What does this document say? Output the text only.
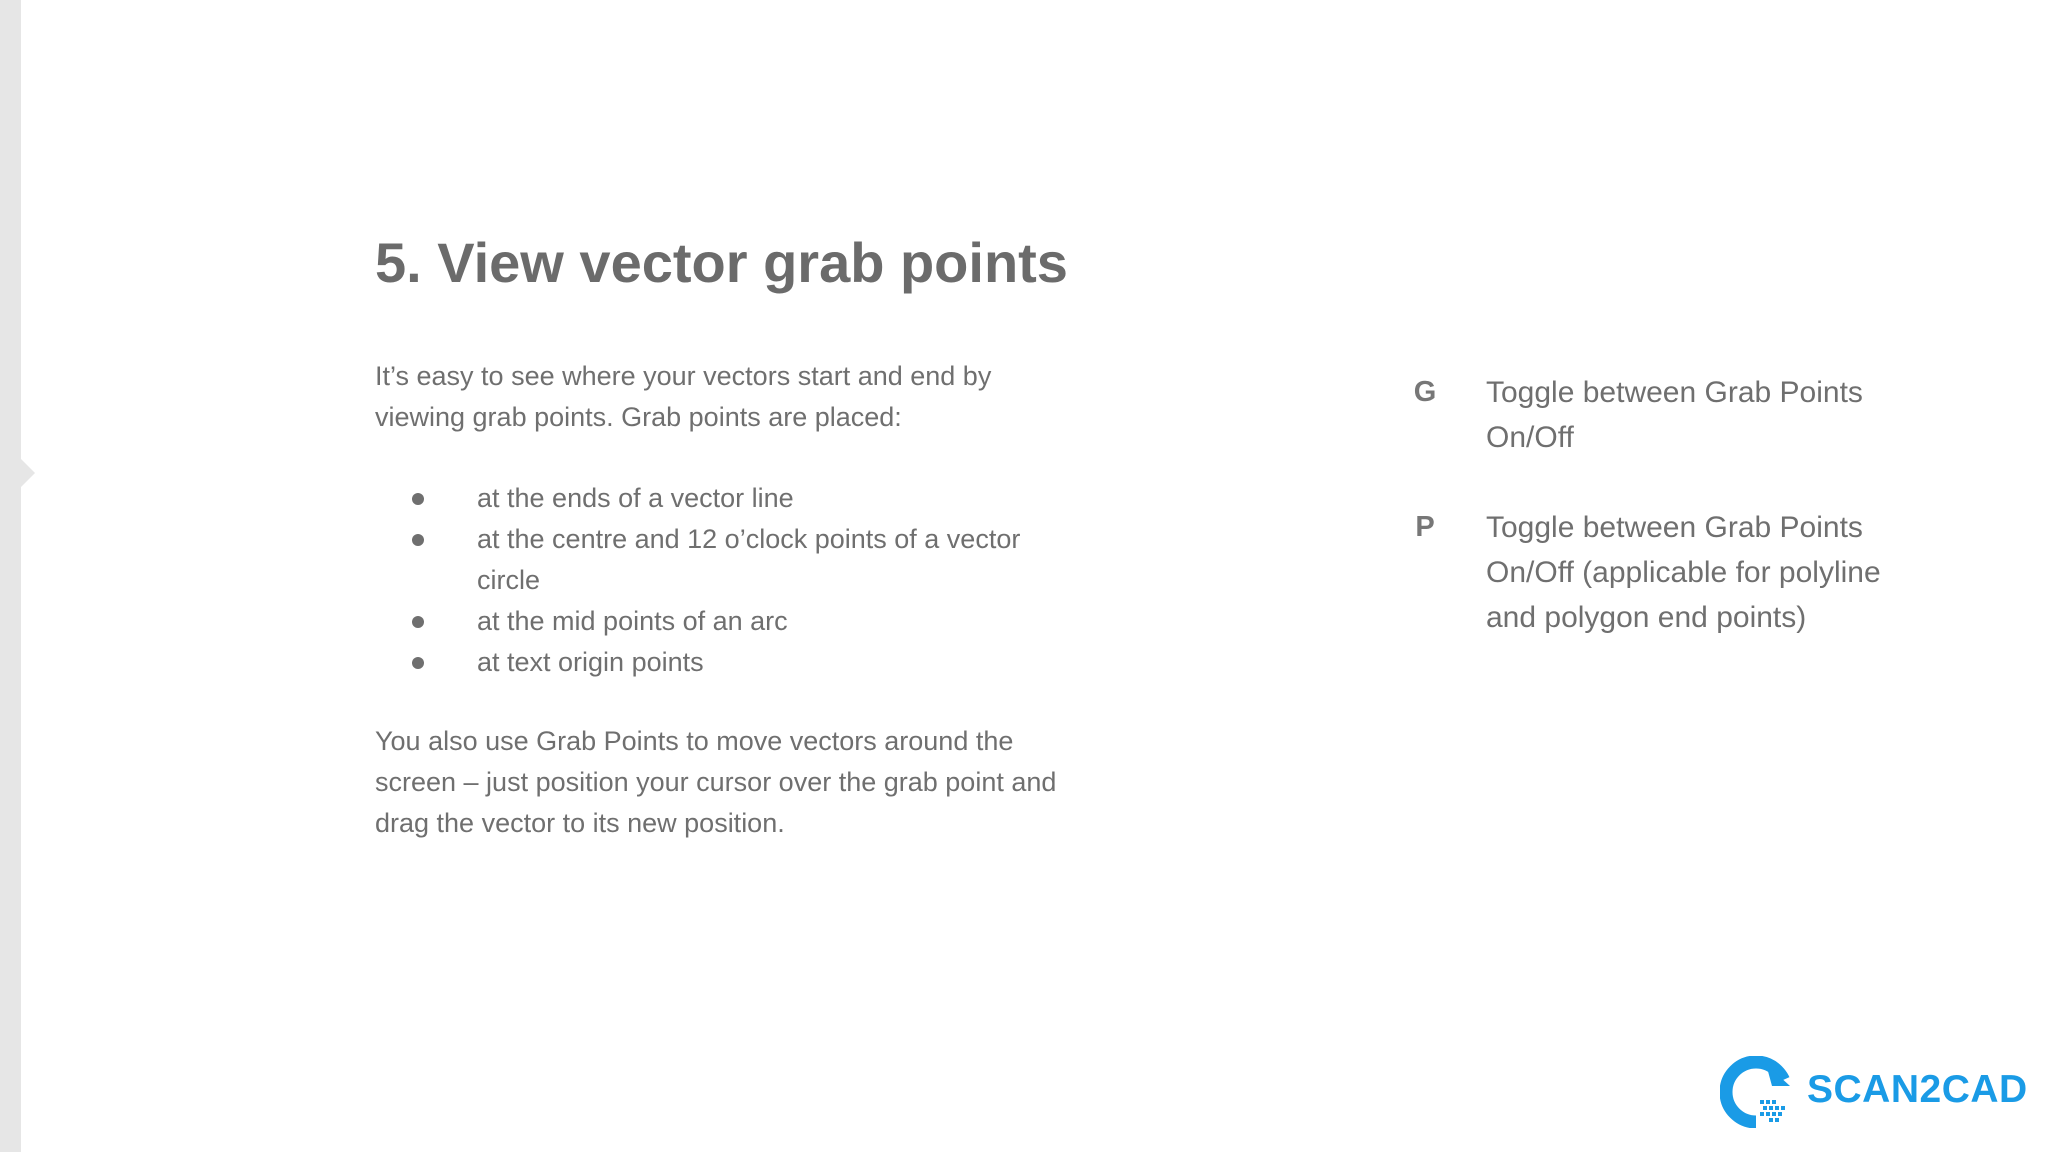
5. View vector grab points

It’s easy to see where your vectors start and end by viewing grab points. Grab points are placed:

at the ends of a vector line
at the centre and 12 o’clock points of a vector circle
at the mid points of an arc
at text origin points

You also use Grab Points to move vectors around the screen – just position your cursor over the grab point and drag the vector to its new position.

G	Toggle between Grab Points On/Off
P	Toggle between Grab Points On/Off (applicable for polyline and polygon end points)
SCAN2CAD
